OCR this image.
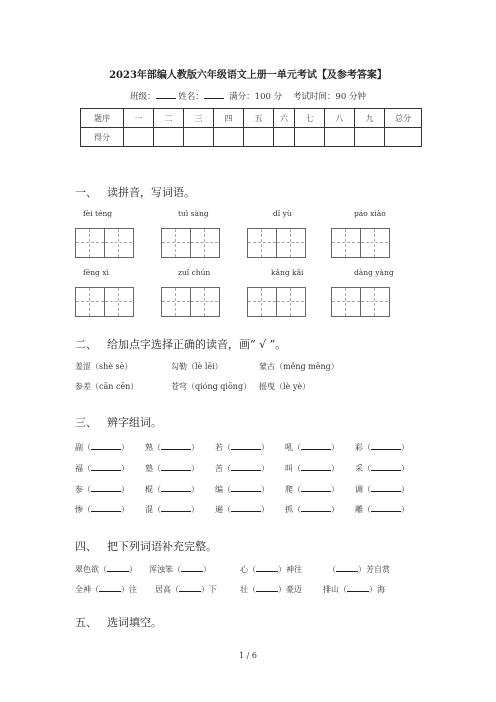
2023年部编人教版六年级语文上册一单元考试【及参考答案】
班级：	姓名：	满分：100 分 考试时间：90 分钟
题序	一	二	三	四	五	六	七	八	九	总分
得分										
一、 读拼音，写词语。
fèi téng	tuì sàng	dǐ yù	páo xiào
fēng xì	zuǐ chún	kǎng kǎi	dàng yàng
二、 给加点字选择正确的读音，画“ √ ”。
羞涩（shè sè）	勾勒（lè lēi）	蒙古（měng mēng）
参差（cān cēn）	苍穹（qióng qiōng） 摇曳（lè yè）
三、 辨字组词。
副（	） 熟（	） 若（	） 吼（	） 彩（	）
福（	） 塾（	） 苦（	） 叫（	） 采（	）
参（	） 棍（	） 编（	） 爬（	） 调（	）
惨（	） 混（	） 遍（	） 抓（	） 雕（	）
四、 把下列词语补充完整。
翠色欲（	） 浑浊笨（	）	心（	）神往	（	）芳自赏
全神（	）注 居高（	）下	壮（	）豪迈	排山（	）海
五、 选词填空。
1 / 6
